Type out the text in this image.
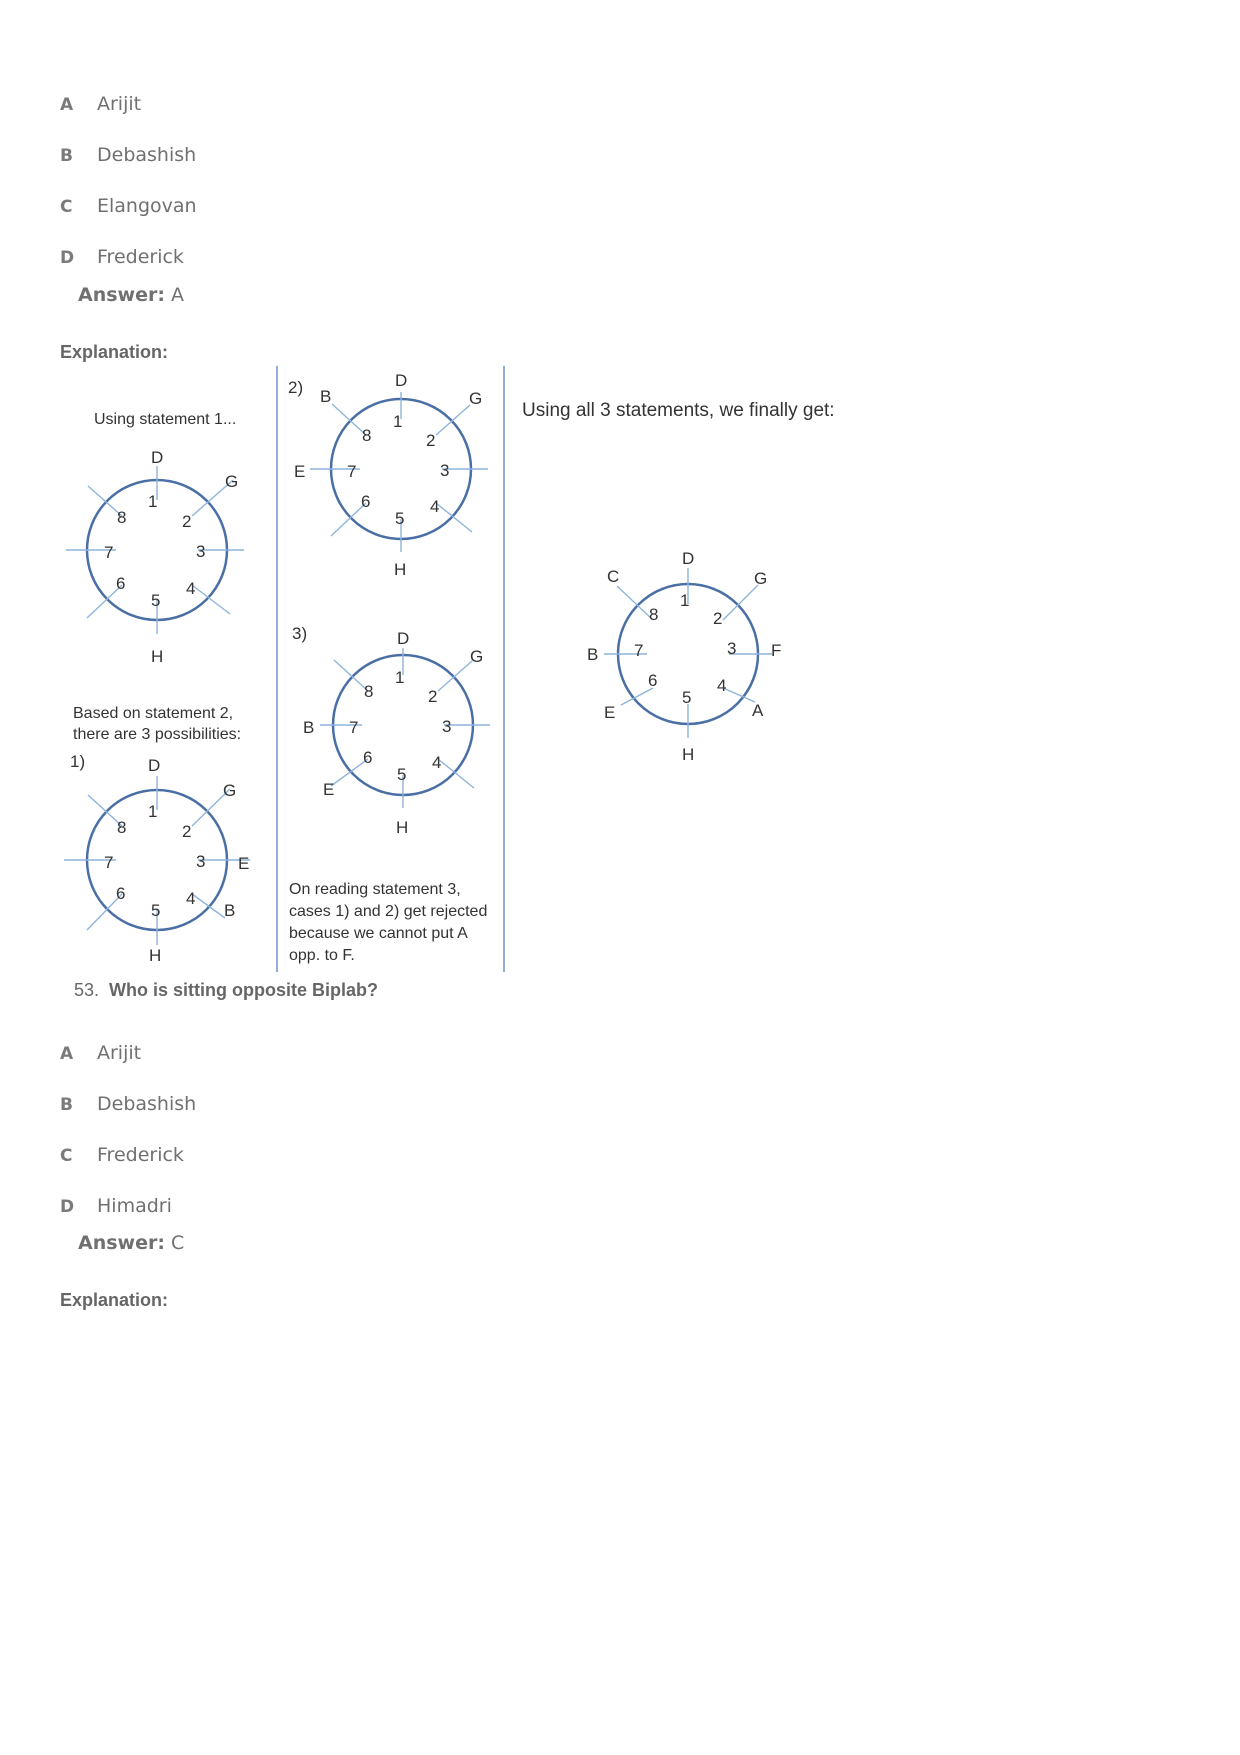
A Arijit
B Debashish
C Elangovan
D Frederick
Answer: A
Explanation:
Using statement 1...
Based on statement 2,
there are 3 possibilities:
1)
2)
3)
On reading statement 3,
cases 1) and 2) get rejected
because we cannot put A
opp. to F.
Using all 3 statements, we finally get:
1
2
3
4
5
6
7
8
D
G
H
1
2
3
4
5
6
7
8
D
G
E
B
H
1
2
3
4
5
6
7
8
D
B	G
E
H
1
2
3
4
5
6
7
8
D
G
B
E
H
1
2
3
4
5
6
7
8
C
D
G
B	F
E	A
H
53. Who is sitting opposite Biplab?
A Arijit
B Debashish
C Frederick
D Himadri
Answer: C
Explanation:
